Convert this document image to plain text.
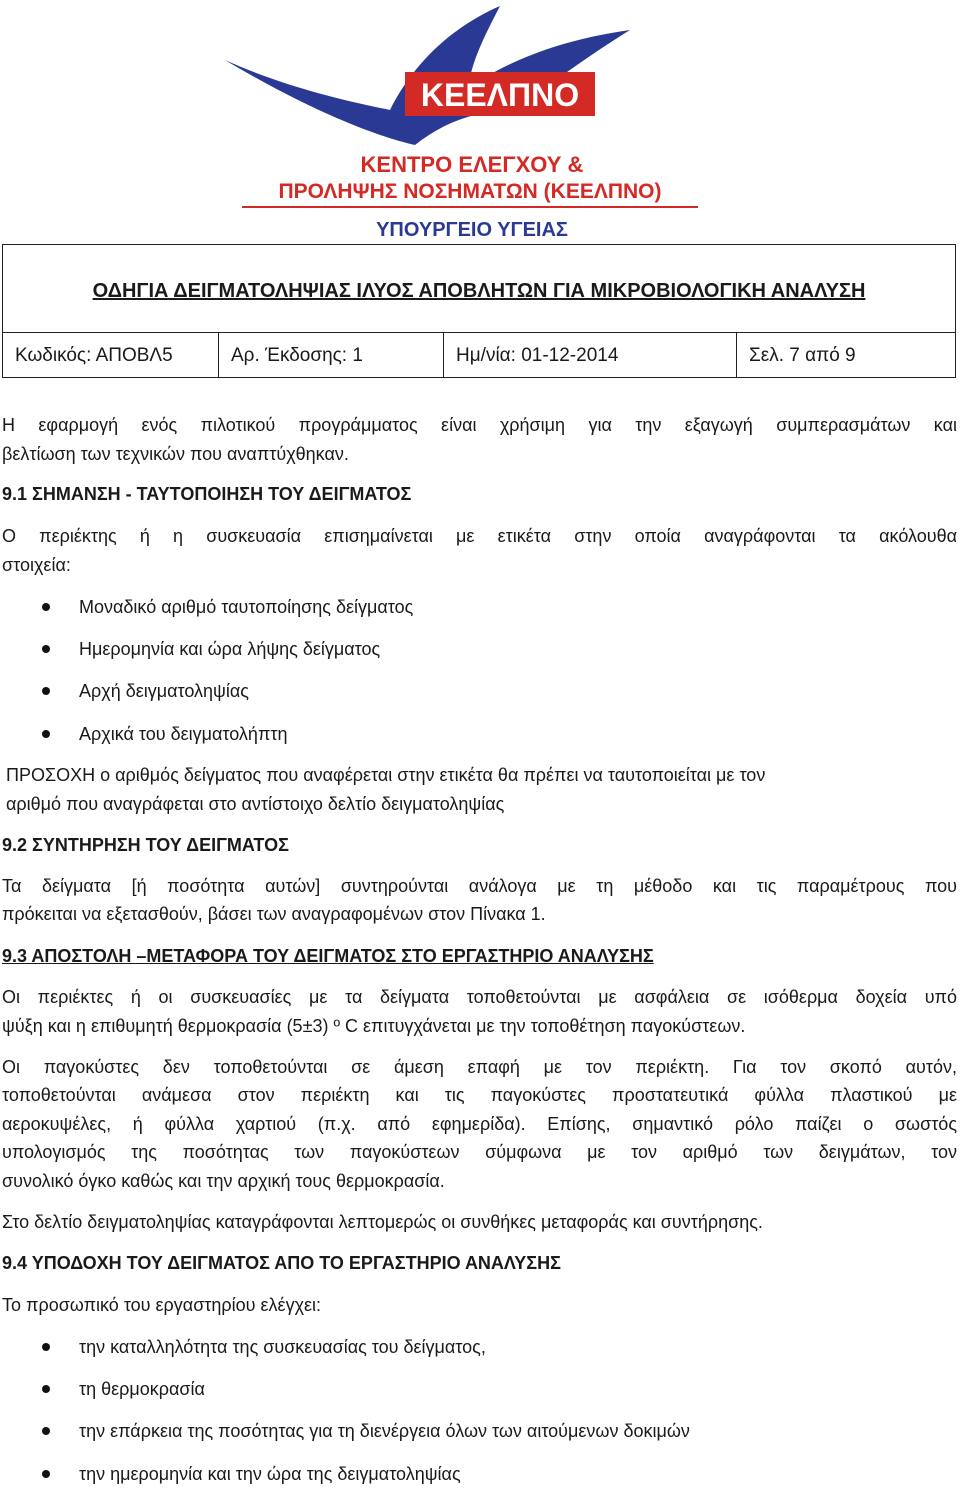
ΚΕΕΛΠΝΟ
ΚΕΝΤΡΟ ΕΛΕΓΧΟΥ &
ΠΡΟΛΗΨΗΣ ΝΟΣΗΜΑΤΩΝ (ΚΕΕΛΠΝΟ)
ΥΠΟΥΡΓΕΙΟ ΥΓΕΙΑΣ
ΟΔΗΓΙΑ ΔΕΙΓΜΑΤΟΛΗΨΙΑΣ ΙΛΥΟΣ ΑΠΟΒΛΗΤΩΝ ΓΙΑ ΜΙΚΡΟΒΙΟΛΟΓΙΚΗ ΑΝΑΛΥΣΗ
Κωδικός: ΑΠΟΒΛ5	Αρ. Έκδοσης: 1	Ημ/νία: 01-12-2014	Σελ. 7 από 9
Η εφαρμογή ενός πιλοτικού προγράμματος είναι χρήσιμη για την εξαγωγή συμπερασμάτων και
βελτίωση των τεχνικών που αναπτύχθηκαν.
9.1 ΣΗΜΑΝΣΗ - ΤΑΥΤΟΠΟΙΗΣΗ ΤΟΥ ΔΕΙΓΜΑΤΟΣ
Ο περιέκτης ή η συσκευασία επισημαίνεται με ετικέτα στην οποία αναγράφονται τα ακόλουθα
στοιχεία:
Μοναδικό αριθμό ταυτοποίησης δείγματος
Ημερομηνία και ώρα λήψης δείγματος
Αρχή δειγματοληψίας
Αρχικά του δειγματολήπτη
ΠΡΟΣΟΧΗ ο αριθμός δείγματος που αναφέρεται στην ετικέτα θα πρέπει να ταυτοποιείται με τον
αριθμό που αναγράφεται στο αντίστοιχο δελτίο δειγματοληψίας
9.2 ΣΥΝΤΗΡΗΣΗ ΤΟΥ ΔΕΙΓΜΑΤΟΣ
Τα δείγματα [ή ποσότητα αυτών] συντηρούνται ανάλογα με τη μέθοδο και τις παραμέτρους που
πρόκειται να εξετασθούν, βάσει των αναγραφομένων στον Πίνακα 1.
9.3 ΑΠΟΣΤΟΛΗ –ΜΕΤΑΦΟΡΑ ΤΟΥ ΔΕΙΓΜΑΤΟΣ ΣΤΟ ΕΡΓΑΣΤΗΡΙΟ ΑΝΑΛΥΣΗΣ
Οι περιέκτες ή οι συσκευασίες με τα δείγματα τοποθετούνται με ασφάλεια σε ισόθερμα δοχεία υπό
ψύξη και η επιθυμητή θερμοκρασία (5±3) º C επιτυγχάνεται με την τοποθέτηση παγοκύστεων.
Οι παγοκύστες δεν τοποθετούνται σε άμεση επαφή με τον περιέκτη. Για τον σκοπό αυτόν,
τοποθετούνται ανάμεσα στον περιέκτη και τις παγοκύστες προστατευτικά φύλλα πλαστικού με
αεροκυψέλες, ή φύλλα χαρτιού (π.χ. από εφημερίδα). Επίσης, σημαντικό ρόλο παίζει ο σωστός
υπολογισμός της ποσότητας των παγοκύστεων σύμφωνα με τον αριθμό των δειγμάτων, τον
συνολικό όγκο καθώς και την αρχική τους θερμοκρασία.
Στο δελτίο δειγματοληψίας καταγράφονται λεπτομερώς οι συνθήκες μεταφοράς και συντήρησης.
9.4 ΥΠΟΔΟΧΗ ΤΟΥ ΔΕΙΓΜΑΤΟΣ ΑΠΟ ΤΟ ΕΡΓΑΣΤΗΡΙΟ ΑΝΑΛΥΣΗΣ
Το προσωπικό του εργαστηρίου ελέγχει:
την καταλληλότητα της συσκευασίας του δείγματος,
τη θερμοκρασία
την επάρκεια της ποσότητας για τη διενέργεια όλων των αιτούμενων δοκιμών
την ημερομηνία και την ώρα της δειγματοληψίας
